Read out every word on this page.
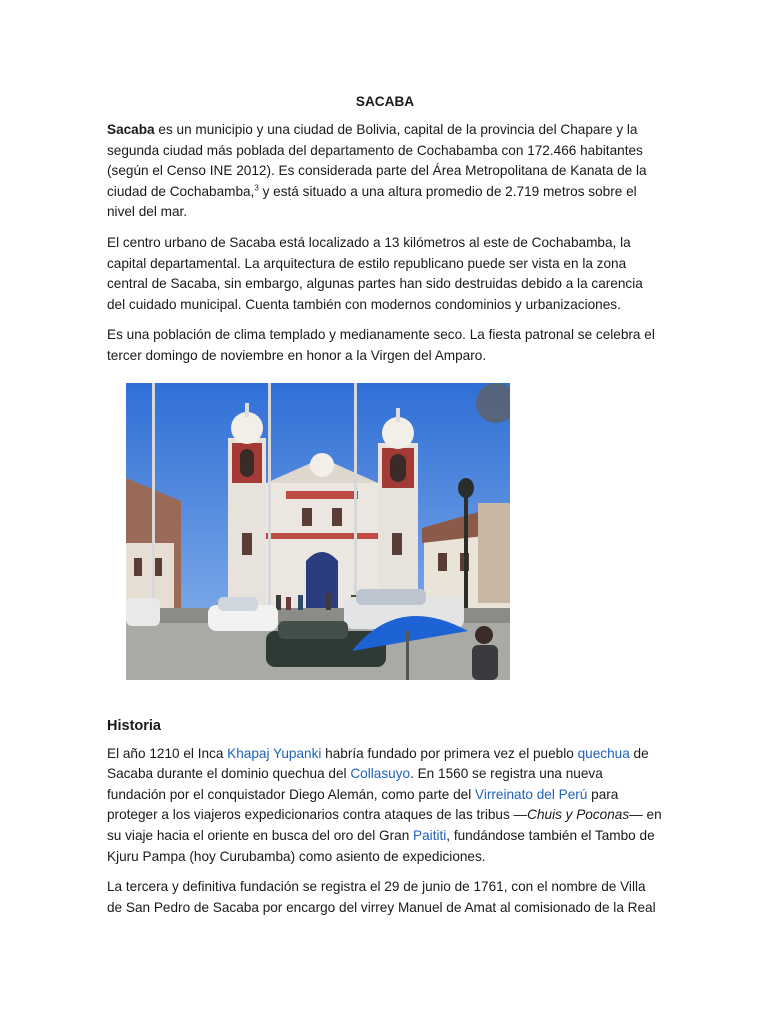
SACABA

Sacaba es un municipio y una ciudad de Bolivia, capital de la provincia del Chapare y la segunda ciudad más poblada del departamento de Cochabamba con 172.466 habitantes (según el Censo INE 2012). Es considerada parte del Área Metropolitana de Kanata de la ciudad de Cochabamba,$^3$ y está situado a una altura promedio de 2.719 metros sobre el nivel del mar.

El centro urbano de Sacaba está localizado a 13 kilómetros al este de Cochabamba, la capital departamental. La arquitectura de estilo republicano puede ser vista en la zona central de Sacaba, sin embargo, algunas partes han sido destruidas debido a la carencia del cuidado municipal. Cuenta también con modernos condominios y urbanizaciones.

Es una población de clima templado y medianamente seco. La fiesta patronal se celebra el tercer domingo de noviembre en honor a la Virgen del Amparo.

Historia

El año 1210 el Inca Khapaj Yupanki habría fundado por primera vez el pueblo quechua de Sacaba durante el dominio quechua del Collasuyo. En 1560 se registra una nueva fundación por el conquistador Diego Alemán, como parte del Virreinato del Perú para proteger a los viajeros expedicionarios contra ataques de las tribus —Chuis y Poconas— en su viaje hacia el oriente en busca del oro del Gran Paititi, fundándose también el Tambo de Kjuru Pampa (hoy Curubamba) como asiento de expediciones.

La tercera y definitiva fundación se registra el 29 de junio de 1761, con el nombre de Villa de San Pedro de Sacaba por encargo del virrey Manuel de Amat al comisionado de la Real
